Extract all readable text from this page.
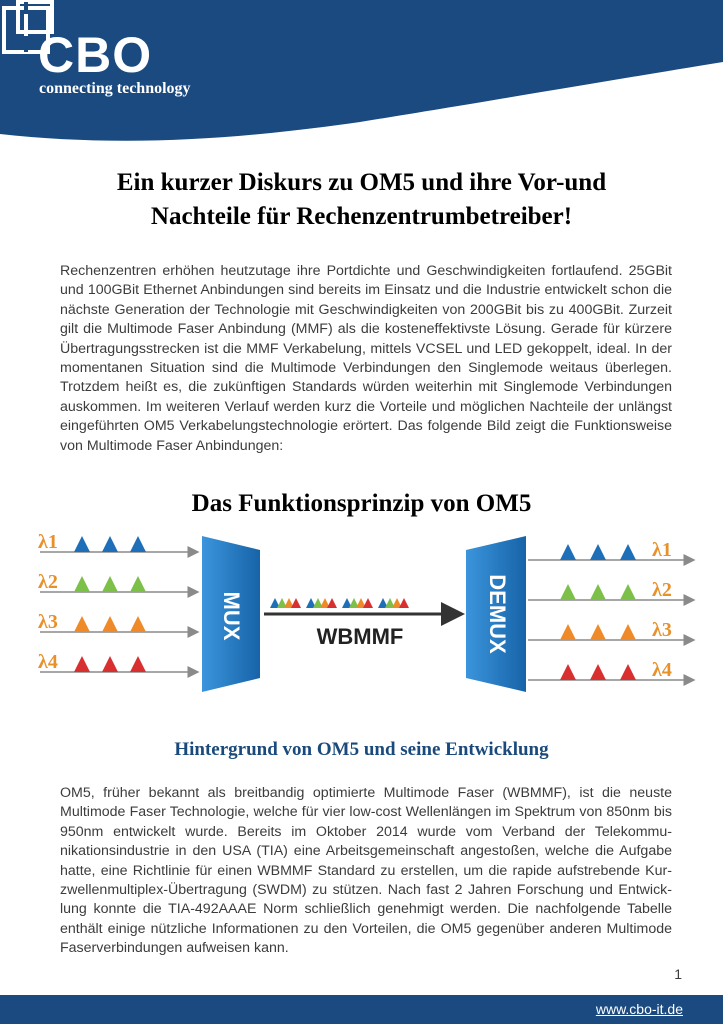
CBO
connecting technology
Ein kurzer Diskurs zu OM5 und ihre Vor-und
Nachteile für Rechenzentrumbetreiber!

Rechenzentren erhöhen heutzutage ihre Portdichte und Geschwindigkeiten fortlaufend. 25GBit und 100GBit Ethernet Anbindungen sind bereits im Einsatz und die Industrie entwickelt schon die nächste Generation der Technologie mit Geschwindigkeiten von 200GBit bis zu 400GBit. Zurzeit gilt die Multimode Faser Anbindung (MMF) als die kosteneffektivste Lösung. Gerade für kürzere Übertragungsstrecken ist die MMF Verkabelung, mittels VCSEL und LED gekoppelt, ideal. In der momentanen Situation sind die Multimode Verbindungen den Singlemode weitaus überlegen. Trotzdem heißt es, die zukünftigen Standards würden weiterhin mit Singlemode Verbindungen auskommen. Im weiteren Verlauf werden kurz die Vorteile und möglichen Nachteile der unlängst eingeführten OM5 Verkabelungstechnologie erörtert. Das folgende Bild zeigt die Funktionsweise von Multimode Faser Anbindungen:

Das Funktionsprinzip von OM5
λ1
λ2
λ3
λ4
MUX	WBMMF	DEMUX
λ1
λ2
λ3
λ4
Hintergrund von OM5 und seine Entwicklung

OM5, früher bekannt als breitbandig optimierte Multimode Faser (WBMMF), ist die neuste Multimode Faser Technologie, welche für vier low-cost Wellenlängen im Spektrum von 850nm bis 950nm entwickelt wurde. Bereits im Oktober 2014 wurde vom Verband der Telekommunikationsindustrie in den USA (TIA) eine Arbeitsgemeinschaft angestoßen, welche die Aufgabe hatte, eine Richtlinie für einen WBMMF Standard zu erstellen, um die rapide aufstrebende Kurzwellenmultiplex-Übertragung (SWDM) zu stützen. Nach fast 2 Jahren Forschung und Entwicklung konnte die TIA-492AAAE Norm schließlich genehmigt werden. Die nachfolgende Tabelle enthält einige nützliche Informationen zu den Vorteilen, die OM5 gegenüber anderen Multimode Faserverbindungen aufweisen kann.

1
www.cbo-it.de
